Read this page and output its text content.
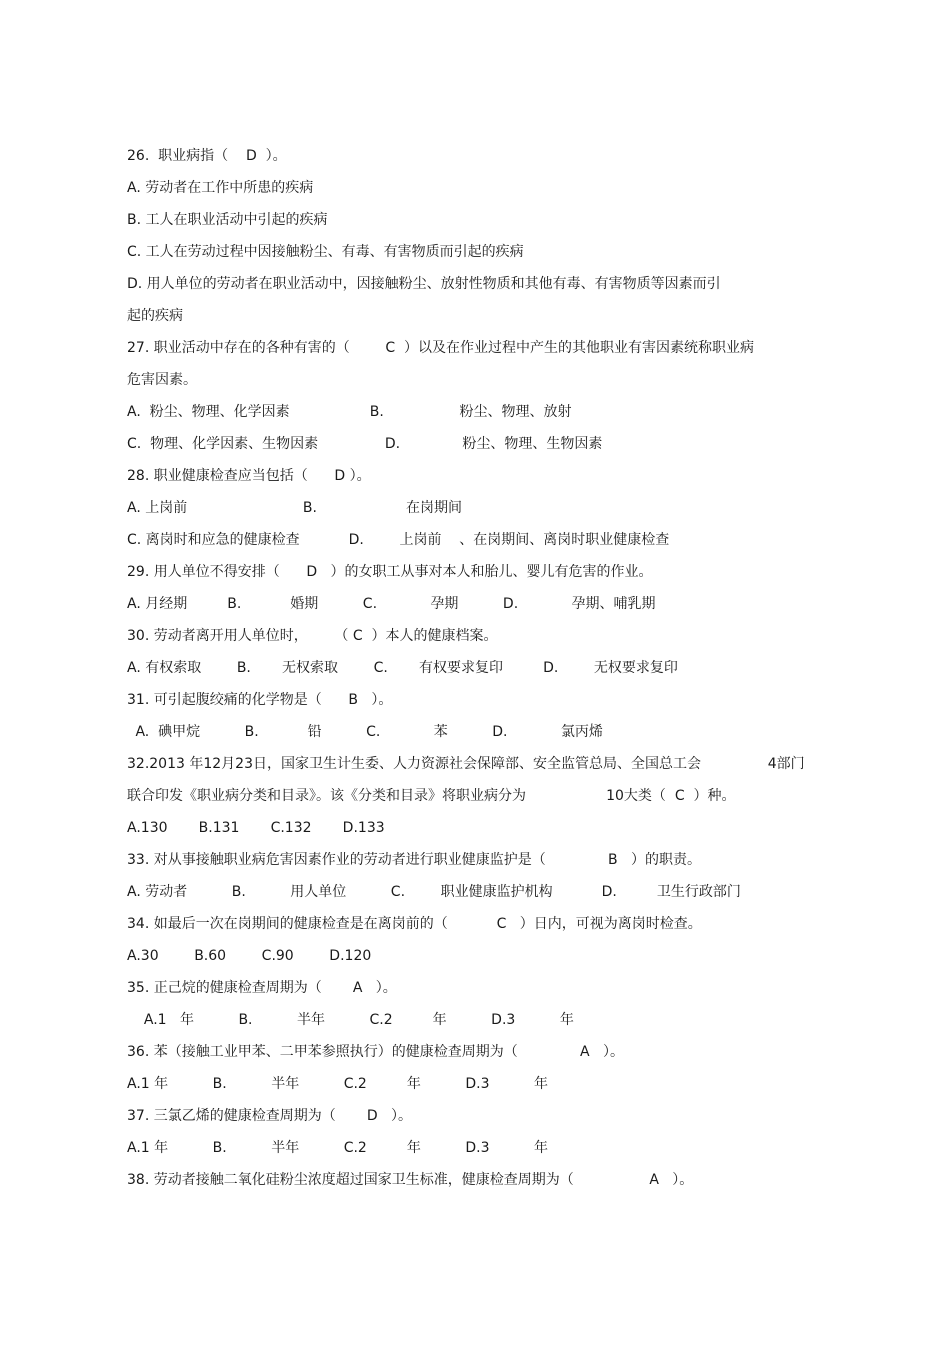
26.  职业病指（    D  ）。
A. 劳动者在工作中所患的疾病
B. 工人在职业活动中引起的疾病
C. 工人在劳动过程中因接触粉尘、有毒、有害物质而引起的疾病
D. 用人单位的劳动者在职业活动中，因接触粉尘、放射性物质和其他有毒、有害物质等因素而引
起的疾病
27. 职业活动中存在的各种有害的（        C  ）以及在作业过程中产生的其他职业有害因素统称职业病
危害因素。
A.  粉尘、物理、化学因素                  B.                 粉尘、物理、放射
C.  物理、化学因素、生物因素               D.              粉尘、物理、生物因素
28. 职业健康检查应当包括（      D ）。
A. 上岗前                          B.                    在岗期间
C. 离岗时和应急的健康检查           D.        上岗前    、在岗期间、离岗时职业健康检查
29. 用人单位不得安排（      D   ）的女职工从事对本人和胎儿、婴儿有危害的作业。
A. 月经期         B.           婚期          C.            孕期          D.            孕期、哺乳期
30. 劳动者离开用人单位时，      （ C  ）本人的健康档案。
A. 有权索取        B.       无权索取        C.       有权要求复印         D.        无权要求复印
31. 可引起腹绞痛的化学物是（      B   ）。
A.  碘甲烷          B.           铅          C.            苯          D.            氯丙烯
32.2013 年12月23日，国家卫生计生委、人力资源社会保障部、安全监管总局、全国总工会               4部门
联合印发《职业病分类和目录》。该《分类和目录》将职业病分为                  10大类（  C  ）种。
A.130       B.131       C.132       D.133
33. 对从事接触职业病危害因素作业的劳动者进行职业健康监护是（              B   ）的职责。
A. 劳动者          B.          用人单位          C.        职业健康监护机构           D.         卫生行政部门
34. 如最后一次在岗期间的健康检查是在离岗前的（           C   ）日内，可视为离岗时检查。
A.30        B.60        C.90        D.120
35. 正己烷的健康检查周期为（       A   ）。
A.1   年          B.          半年          C.2         年          D.3          年
36. 苯（接触工业甲苯、二甲苯参照执行）的健康检查周期为（              A   ）。
A.1 年          B.          半年          C.2         年          D.3          年
37. 三氯乙烯的健康检查周期为（       D   ）。
A.1 年          B.          半年          C.2         年          D.3          年
38. 劳动者接触二氧化硅粉尘浓度超过国家卫生标准，健康检查周期为（                 A   ）。
